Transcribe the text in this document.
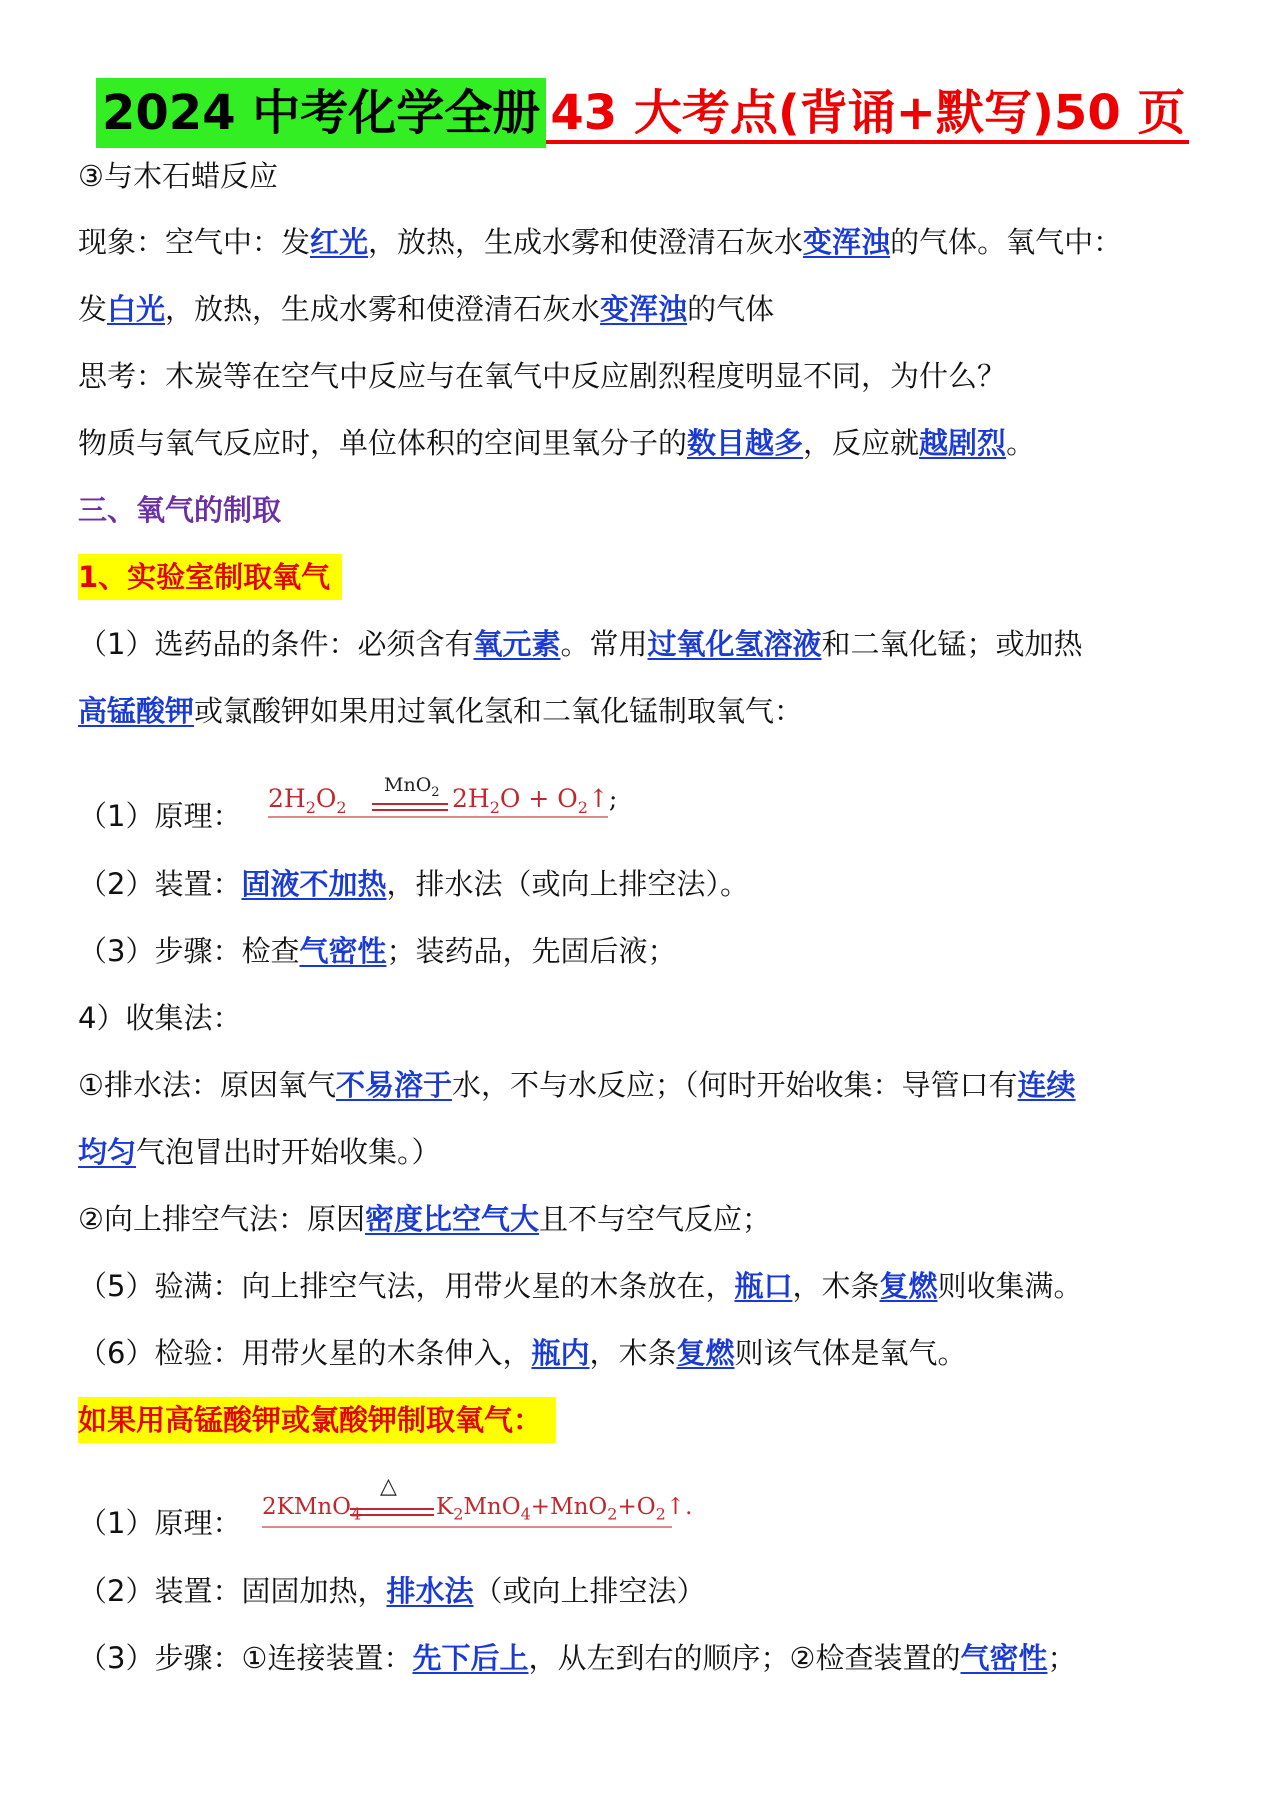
2024 中考化学全册 43 大考点(背诵+默写)50 页
③与木石蜡反应
现象：空气中：发红光，放热，生成水雾和使澄清石灰水变浑浊的气体。氧气中：
发白光，放热，生成水雾和使澄清石灰水变浑浊的气体
思考：木炭等在空气中反应与在氧气中反应剧烈程度明显不同，为什么？
物质与氧气反应时，单位体积的空间里氧分子的数目越多，反应就越剧烈。
三、氧气的制取
1、实验室制取氧气
（1）选药品的条件：必须含有氧元素。常用过氧化氢溶液和二氧化锰；或加热
高锰酸钾或氯酸钾如果用过氧化氢和二氧化锰制取氧气：
（1）原理：
$2H_2O_2$
MnO$_2$ $2H_2O$ + $O_2↑$;
（2）装置：固液不加热，排水法（或向上排空法）。
（3）步骤：检查气密性；装药品，先固后液；
4）收集法：
①排水法：原因氧气不易溶于水，不与水反应；（何时开始收集：导管口有连续
均匀气泡冒出时开始收集。）
②向上排空气法：原因密度比空气大且不与空气反应；
（5）验满：向上排空气法，用带火星的木条放在，瓶口，木条复燃则收集满。
（6）检验：用带火星的木条伸入，瓶内，木条复燃则该气体是氧气。
如果用高锰酸钾或氯酸钾制取氧气：
（1）原理： 2KMnO$_4$
△
$K_2MnO_4+MnO_2+O_2↑$.
（2）装置：固固加热，排水法（或向上排空法）
（3）步骤：①连接装置：先下后上，从左到右的顺序；②检查装置的气密性；
